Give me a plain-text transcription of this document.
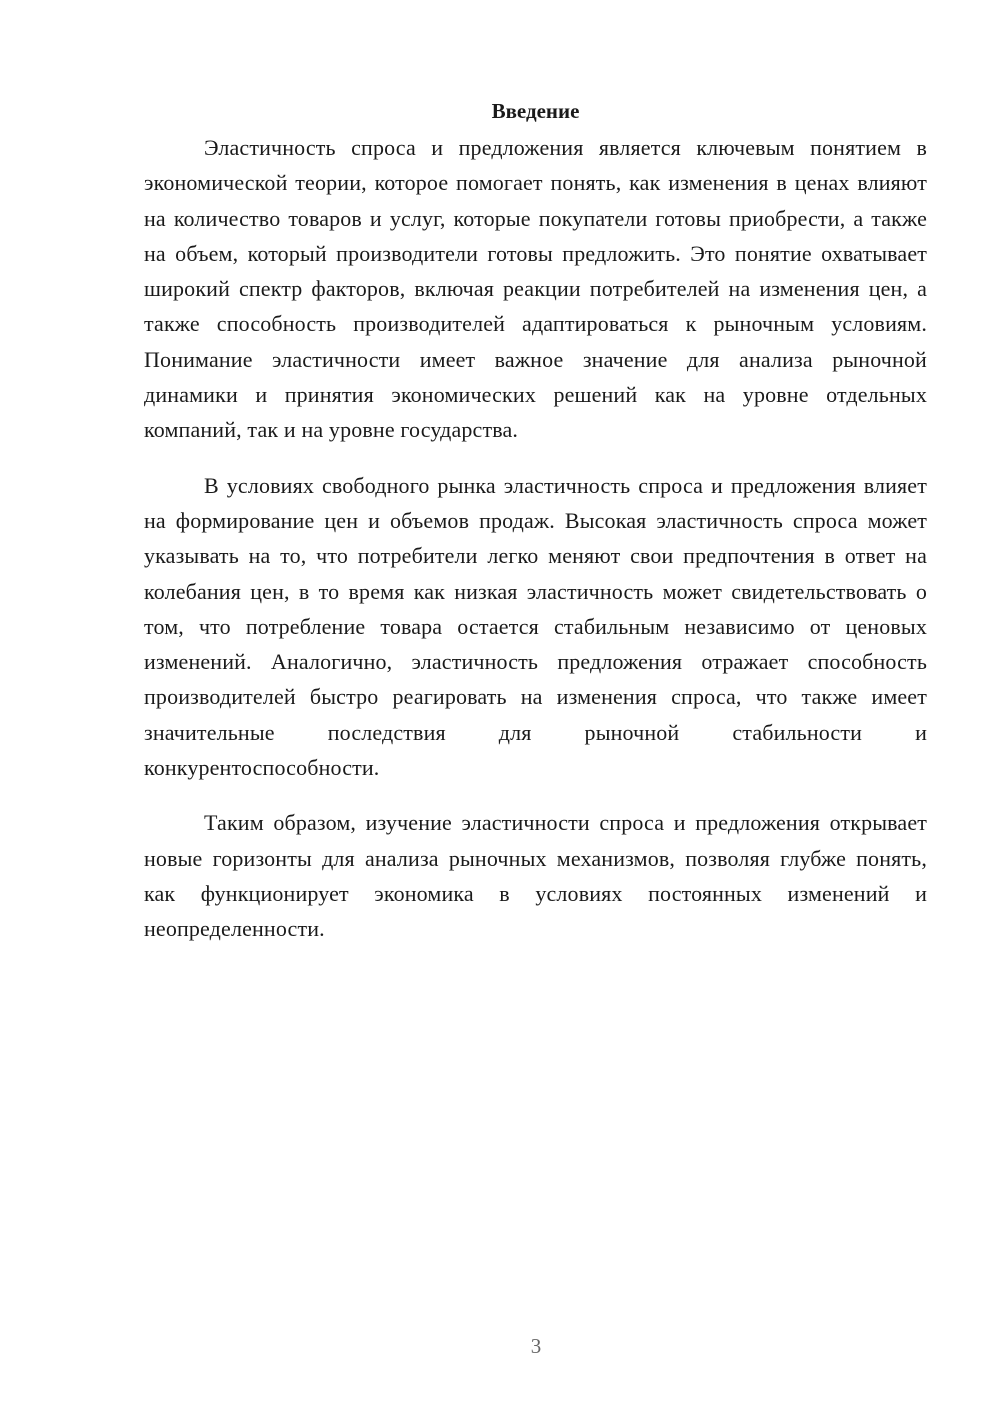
Введение

Эластичность спроса и предложения является ключевым понятием в экономической теории, которое помогает понять, как изменения в ценах влияют на количество товаров и услуг, которые покупатели готовы приобрести, а также на объем, который производители готовы предложить. Это понятие охватывает широкий спектр факторов, включая реакции потребителей на изменения цен, а также способность производителей адаптироваться к рыночным условиям. Понимание эластичности имеет важное значение для анализа рыночной динамики и принятия экономических решений как на уровне отдельных компаний, так и на уровне государства.

В условиях свободного рынка эластичность спроса и предложения влияет на формирование цен и объемов продаж. Высокая эластичность спроса может указывать на то, что потребители легко меняют свои предпочтения в ответ на колебания цен, в то время как низкая эластичность может свидетельствовать о том, что потребление товара остается стабильным независимо от ценовых изменений. Аналогично, эластичность предложения отражает способность производителей быстро реагировать на изменения спроса, что также имеет значительные последствия для рыночной стабильности и конкурентоспособности.

Таким образом, изучение эластичности спроса и предложения открывает новые горизонты для анализа рыночных механизмов, позволяя глубже понять, как функционирует экономика в условиях постоянных изменений и неопределенности.

3
